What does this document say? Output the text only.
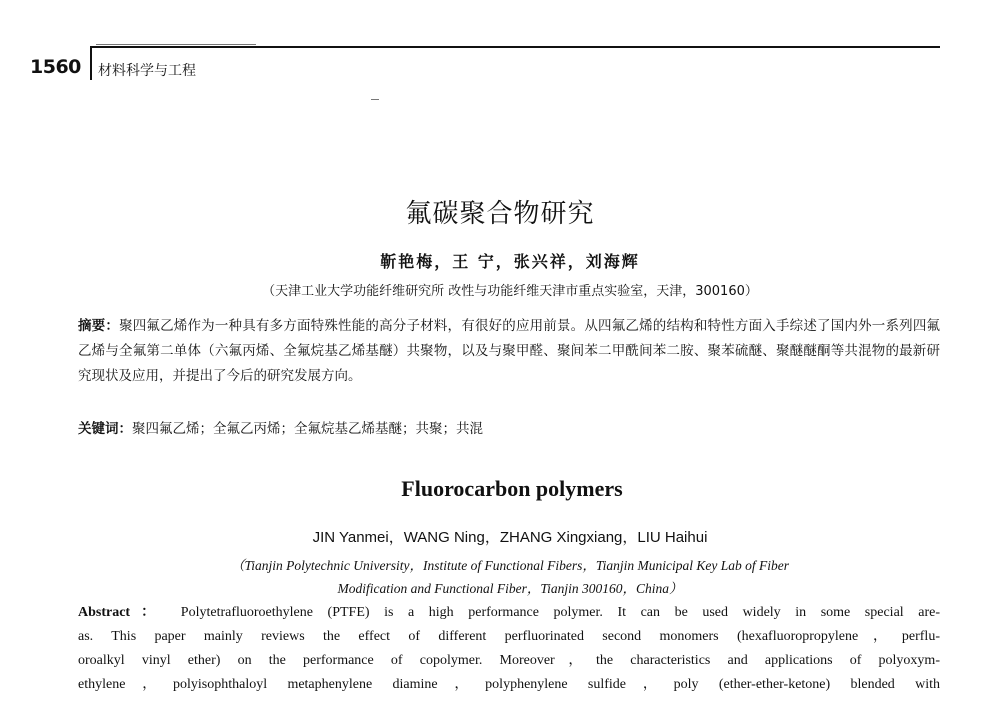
1560 材料科学与工程
氟碳聚合物研究
靳艳梅，王 宁，张兴祥，刘海辉
（天津工业大学功能纤维研究所 改性与功能纤维天津市重点实验室，天津，300160）
摘要：聚四氟乙烯作为一种具有多方面特殊性能的高分子材料，有很好的应用前景。从四氟乙烯的结构和特性方面入手综述了国内外一系列四氟乙烯与全氟第二单体（六氟丙烯、全氟烷基乙烯基醚）共聚物，以及与聚甲醛、聚间苯二甲酰间苯二胺、聚苯硫醚、聚醚醚酮等共混物的最新研究现状及应用，并提出了今后的研究发展方向。
关键词：聚四氟乙烯；全氟乙丙烯；全氟烷基乙烯基醚；共聚；共混
Fluorocarbon polymers
JIN Yanmei，WANG Ning，ZHANG Xingxiang，LIU Haihui
（Tianjin Polytechnic University，Institute of Functional Fibers，Tianjin Municipal Key Lab of Fiber
Modification and Functional Fiber，Tianjin 300160，China）
Abstract： Polytetrafluoroethylene (PTFE) is a high performance polymer. It can be used widely in some special are-
as. This paper mainly reviews the effect of different perfluorinated second monomers (hexafluoropropylene，perflu-
oroalkyl vinyl ether) on the performance of copolymer. Moreover，the characteristics and applications of polyoxym-
ethylene，polyisophthaloyl metaphenylene diamine，polyphenylene sulfide，poly (ether-ether-ketone) blended with
